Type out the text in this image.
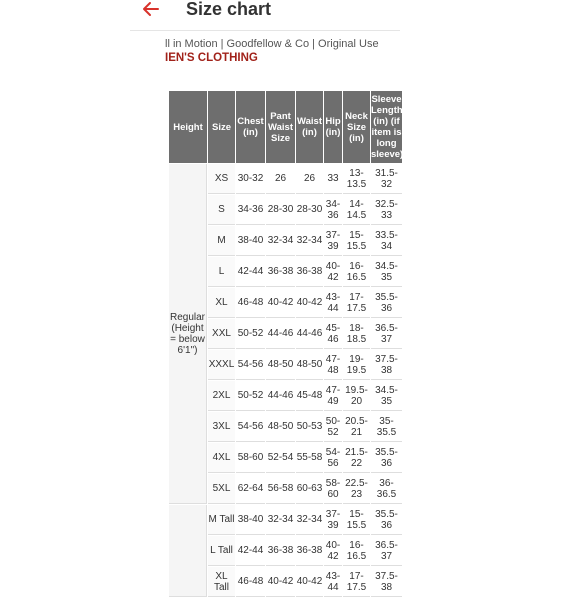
Size chart
ll in Motion | Goodfellow & Co | Original Use
IEN'S CLOTHING
Height	Size	Chest (in)	Pant Waist Size	Waist (in)	Hip (in)	Neck Size (in)	Sleeve Length (in) (if item is long sleeve)
Regular (Height = below 6'1")	XS	30-32	26	26	33	13-13.5	31.5-32
	S	34-36	28-30	28-30	34-36	14-14.5	32.5-33
	M	38-40	32-34	32-34	37-39	15-15.5	33.5-34
	L	42-44	36-38	36-38	40-42	16-16.5	34.5-35
	XL	46-48	40-42	40-42	43-44	17-17.5	35.5-36
	XXL	50-52	44-46	44-46	45-46	18-18.5	36.5-37
	XXXL	54-56	48-50	48-50	47-48	19-19.5	37.5-38
	2XL	50-52	44-46	45-48	47-49	19.5-20	34.5-35
	3XL	54-56	48-50	50-53	50-52	20.5-21	35-35.5
	4XL	58-60	52-54	55-58	54-56	21.5-22	35.5-36
	5XL	62-64	56-58	60-63	58-60	22.5-23	36-36.5
	M Tall	38-40	32-34	32-34	37-39	15-15.5	35.5-36
	L Tall	42-44	36-38	36-38	40-42	16-16.5	36.5-37
	XL Tall	46-48	40-42	40-42	43-44	17-17.5	37.5-38
